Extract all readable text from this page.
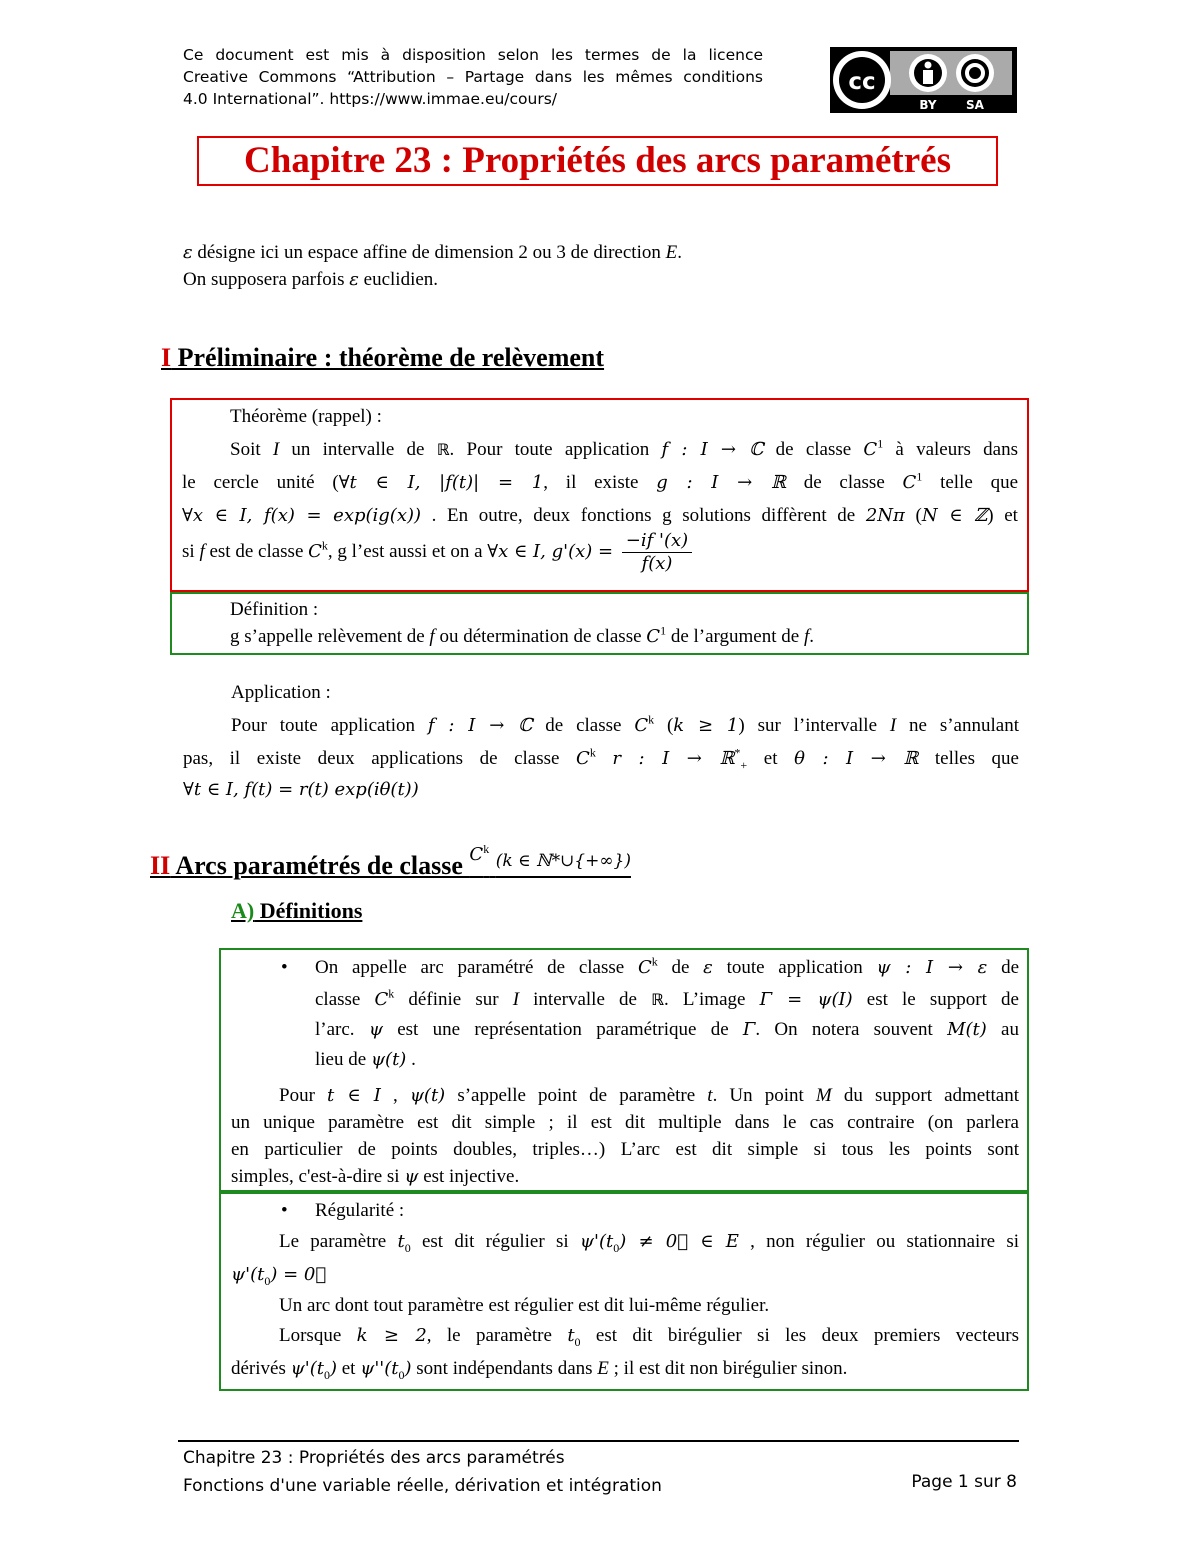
Ce document est mis à disposition selon les termes de la licence
Creative Commons “Attribution – Partage dans les mêmes conditions
4.0 International”. https://www.immae.eu/cours/
cc
BY SA
Chapitre 23 : Propriétés des arcs paramétrés
ε désigne ici un espace affine de dimension 2 ou 3 de direction E.
On supposera parfois ε euclidien.
I Préliminaire : théorème de relèvement
Théorème (rappel) :
Soit I un intervalle de ℝ. Pour toute application f : I → ℂ de classe $C^1$ à valeurs dans
le cercle unité (∀t ∈ I, |f(t)| = 1, il existe g : I → ℝ de classe $C^1$ telle que
∀x ∈ I, f(x) = exp(ig(x)) . En outre, deux fonctions g solutions diffèrent de 2Nπ (N ∈ ℤ) et
si f est de classe $C^k$, g l’est aussi et on a ∀x ∈ I, $g'(x) = \frac{-if '(x)}{f(x)}$
Définition :
g s’appelle relèvement de f ou détermination de classe $C^1$ de l’argument de f.
Application :
Pour toute application f : I → ℂ de classe $C^k$ (k ≥ 1) sur l’intervalle I ne s’annulant
pas, il existe deux applications de classe $C^k$ r : I → ℝ*$_+$ et θ : I → ℝ telles que
∀t ∈ I, f(t) = r(t) exp(iθ(t))
II Arcs paramétrés de classe $^{C^k}$ $^{(k \in ℕ*\cup\{+\infty\})}$
A) Définitions
• On appelle arc paramétré de classe $C^k$ de ε toute application ψ : I → ε de
classe $C^k$ définie sur I intervalle de ℝ. L’image Γ = ψ(I) est le support de
l’arc. ψ est une représentation paramétrique de Γ. On notera souvent M(t) au
lieu de ψ(t) .
Pour t ∈ I , ψ(t) s’appelle point de paramètre t. Un point M du support admettant
un unique paramètre est dit simple ; il est dit multiple dans le cas contraire (on parlera
en particulier de points doubles, triples…) L’arc est dit simple si tous les points sont
simples, c'est-à-dire si ψ est injective.
• Régularité :
Le paramètre $t_0$ est dit régulier si $\psi'(t_0)$ ≠ 0⃗ ∈ E , non régulier ou stationnaire si
$\psi'(t_0)$ = 0⃗
Un arc dont tout paramètre est régulier est dit lui-même régulier.
Lorsque k ≥ 2, le paramètre $t_0$ est dit birégulier si les deux premiers vecteurs
dérivés $\psi'(t_0)$ et $\psi''(t_0)$ sont indépendants dans E ; il est dit non birégulier sinon.
Chapitre 23 : Propriétés des arcs paramétrés
Fonctions d'une variable réelle, dérivation et intégration	Page 1 sur 8
